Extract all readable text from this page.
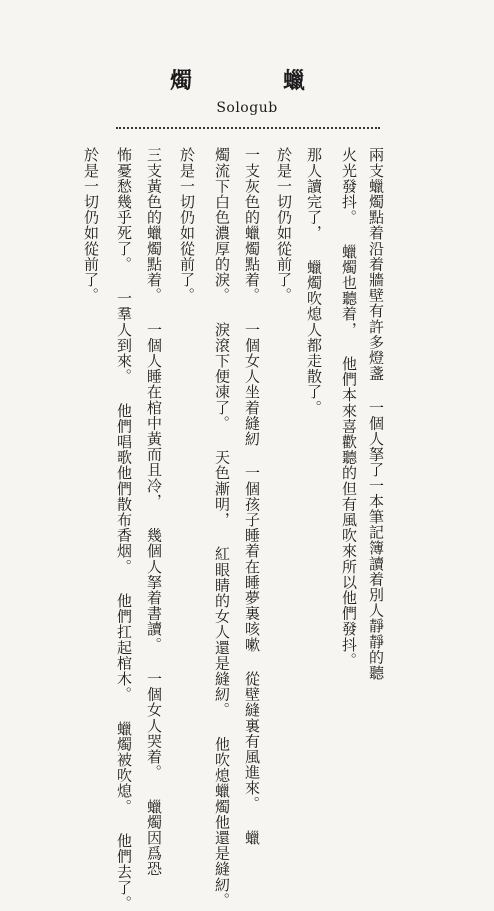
蠟
燭
Sologub
兩支蠟燭點着沿着牆壁有許多燈盞 一個人拏了一本筆記簿讀着別人靜靜的聽
火光發抖。 蠟燭也聽着， 他們本來喜歡聽的但有風吹來所以他們發抖。
那人讀完了， 蠟燭吹熄人都走散了。
於是一切仍如從前了。
一支灰色的蠟燭點着。 一個女人坐着縫紉 一個孩子睡着在睡夢裏咳嗽 從壁縫裏有風進來。 蠟
燭流下白色濃厚的淚。 淚滾下便凍了。 天色漸明， 紅眼睛的女人還是縫紉。 他吹熄蠟燭他還是縫紉。
於是一切仍如從前了。
三支黃色的蠟燭點着。 一個人睡在棺中黃而且冷， 幾個人拏着書讀。 一個女人哭着。 蠟燭因爲恐
怖憂愁幾乎死了。 一羣人到來。 他們唱歌他們散布香烟。 他們扛起棺木。 蠟燭被吹熄。 他們去了。
於是一切仍如從前了。
